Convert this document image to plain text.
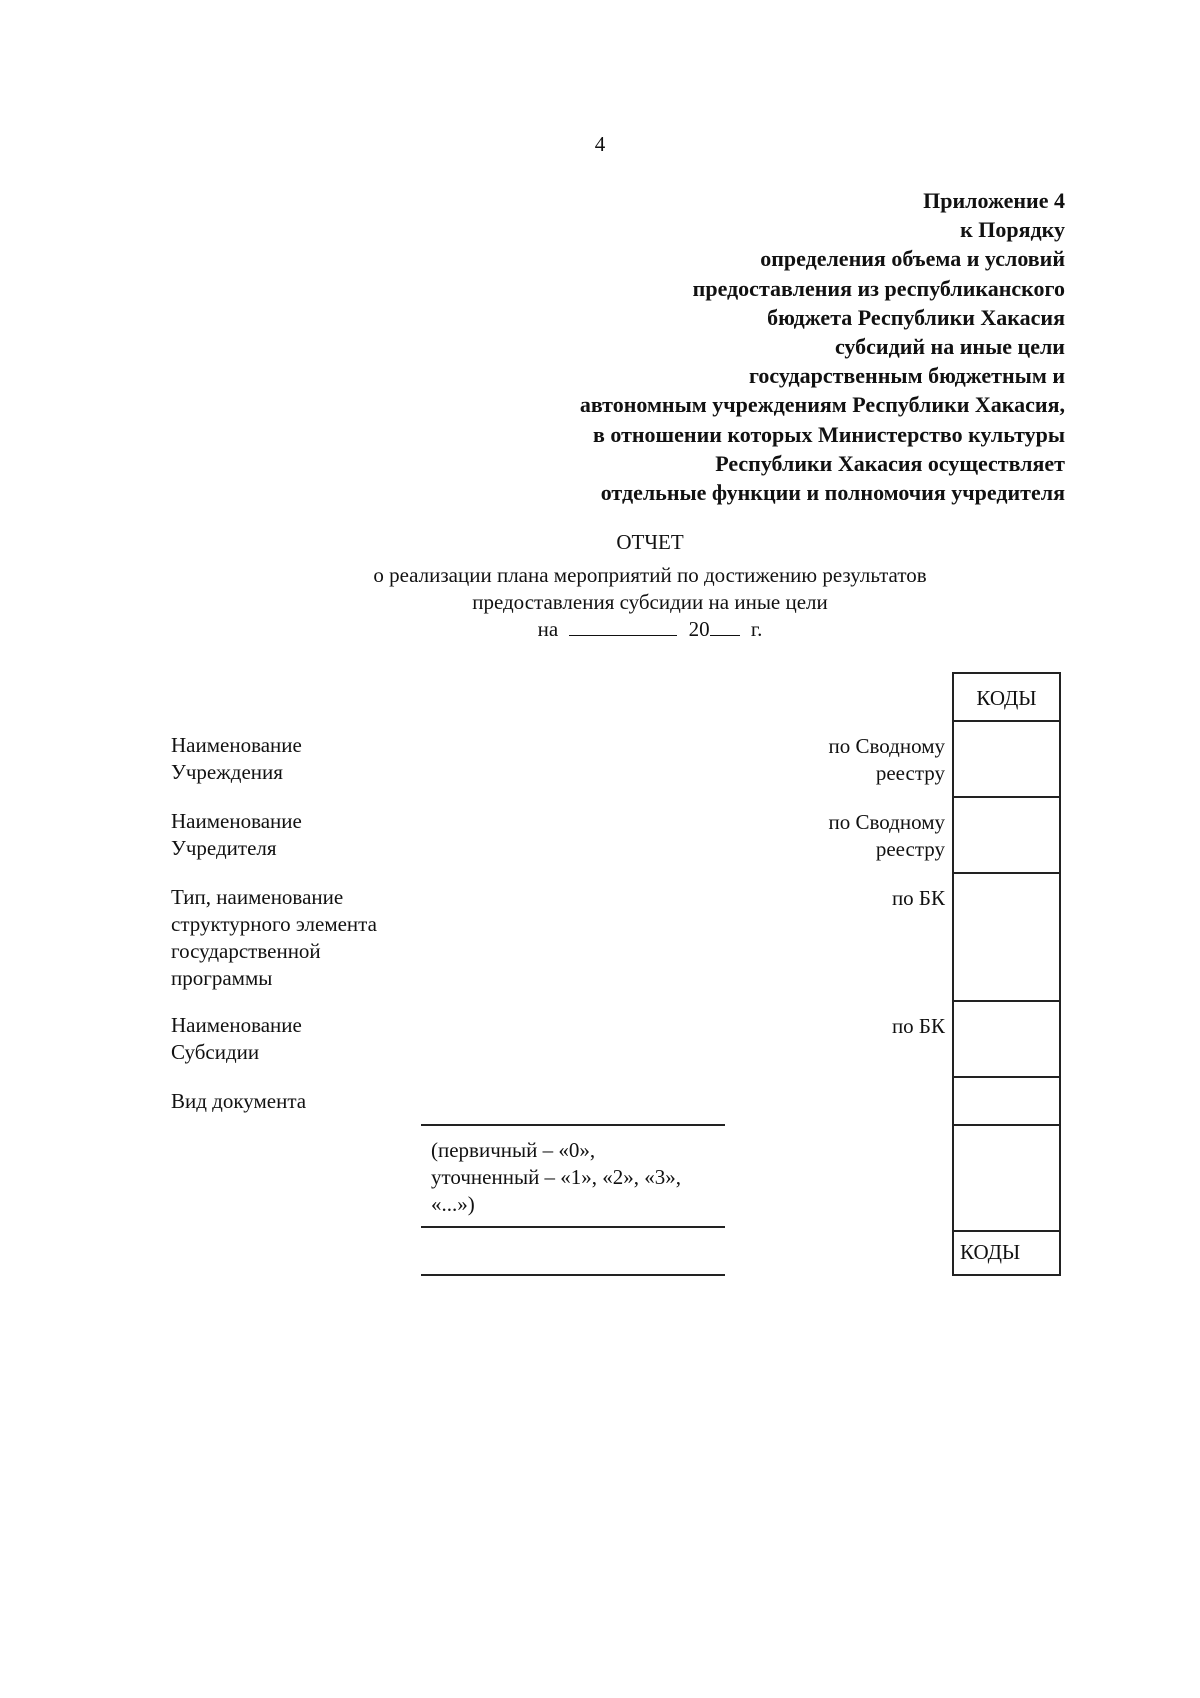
4
Приложение 4
к Порядку
определения объема и условий
предоставления из республиканского
бюджета Республики Хакасия
субсидий на иные цели
государственным бюджетным и
автономным учреждениям Республики Хакасия,
в отношении которых Министерство культуры
Республики Хакасия осуществляет
отдельные функции и полномочия учредителя
ОТЧЕТ
о реализации плана мероприятий по достижению результатов
предоставления субсидии на иные цели
на	20 г.
Наименование
Учреждения
Наименование
Учредителя
Тип, наименование
структурного элемента
государственной
программы
Наименование
Субсидии
Вид документа
по Сводному
реестру
по Сводному
реестру
по БК
по БК
КОДЫ
КОДЫ
(первичный – «0»,
уточненный – «1», «2», «3»,
«...»)
